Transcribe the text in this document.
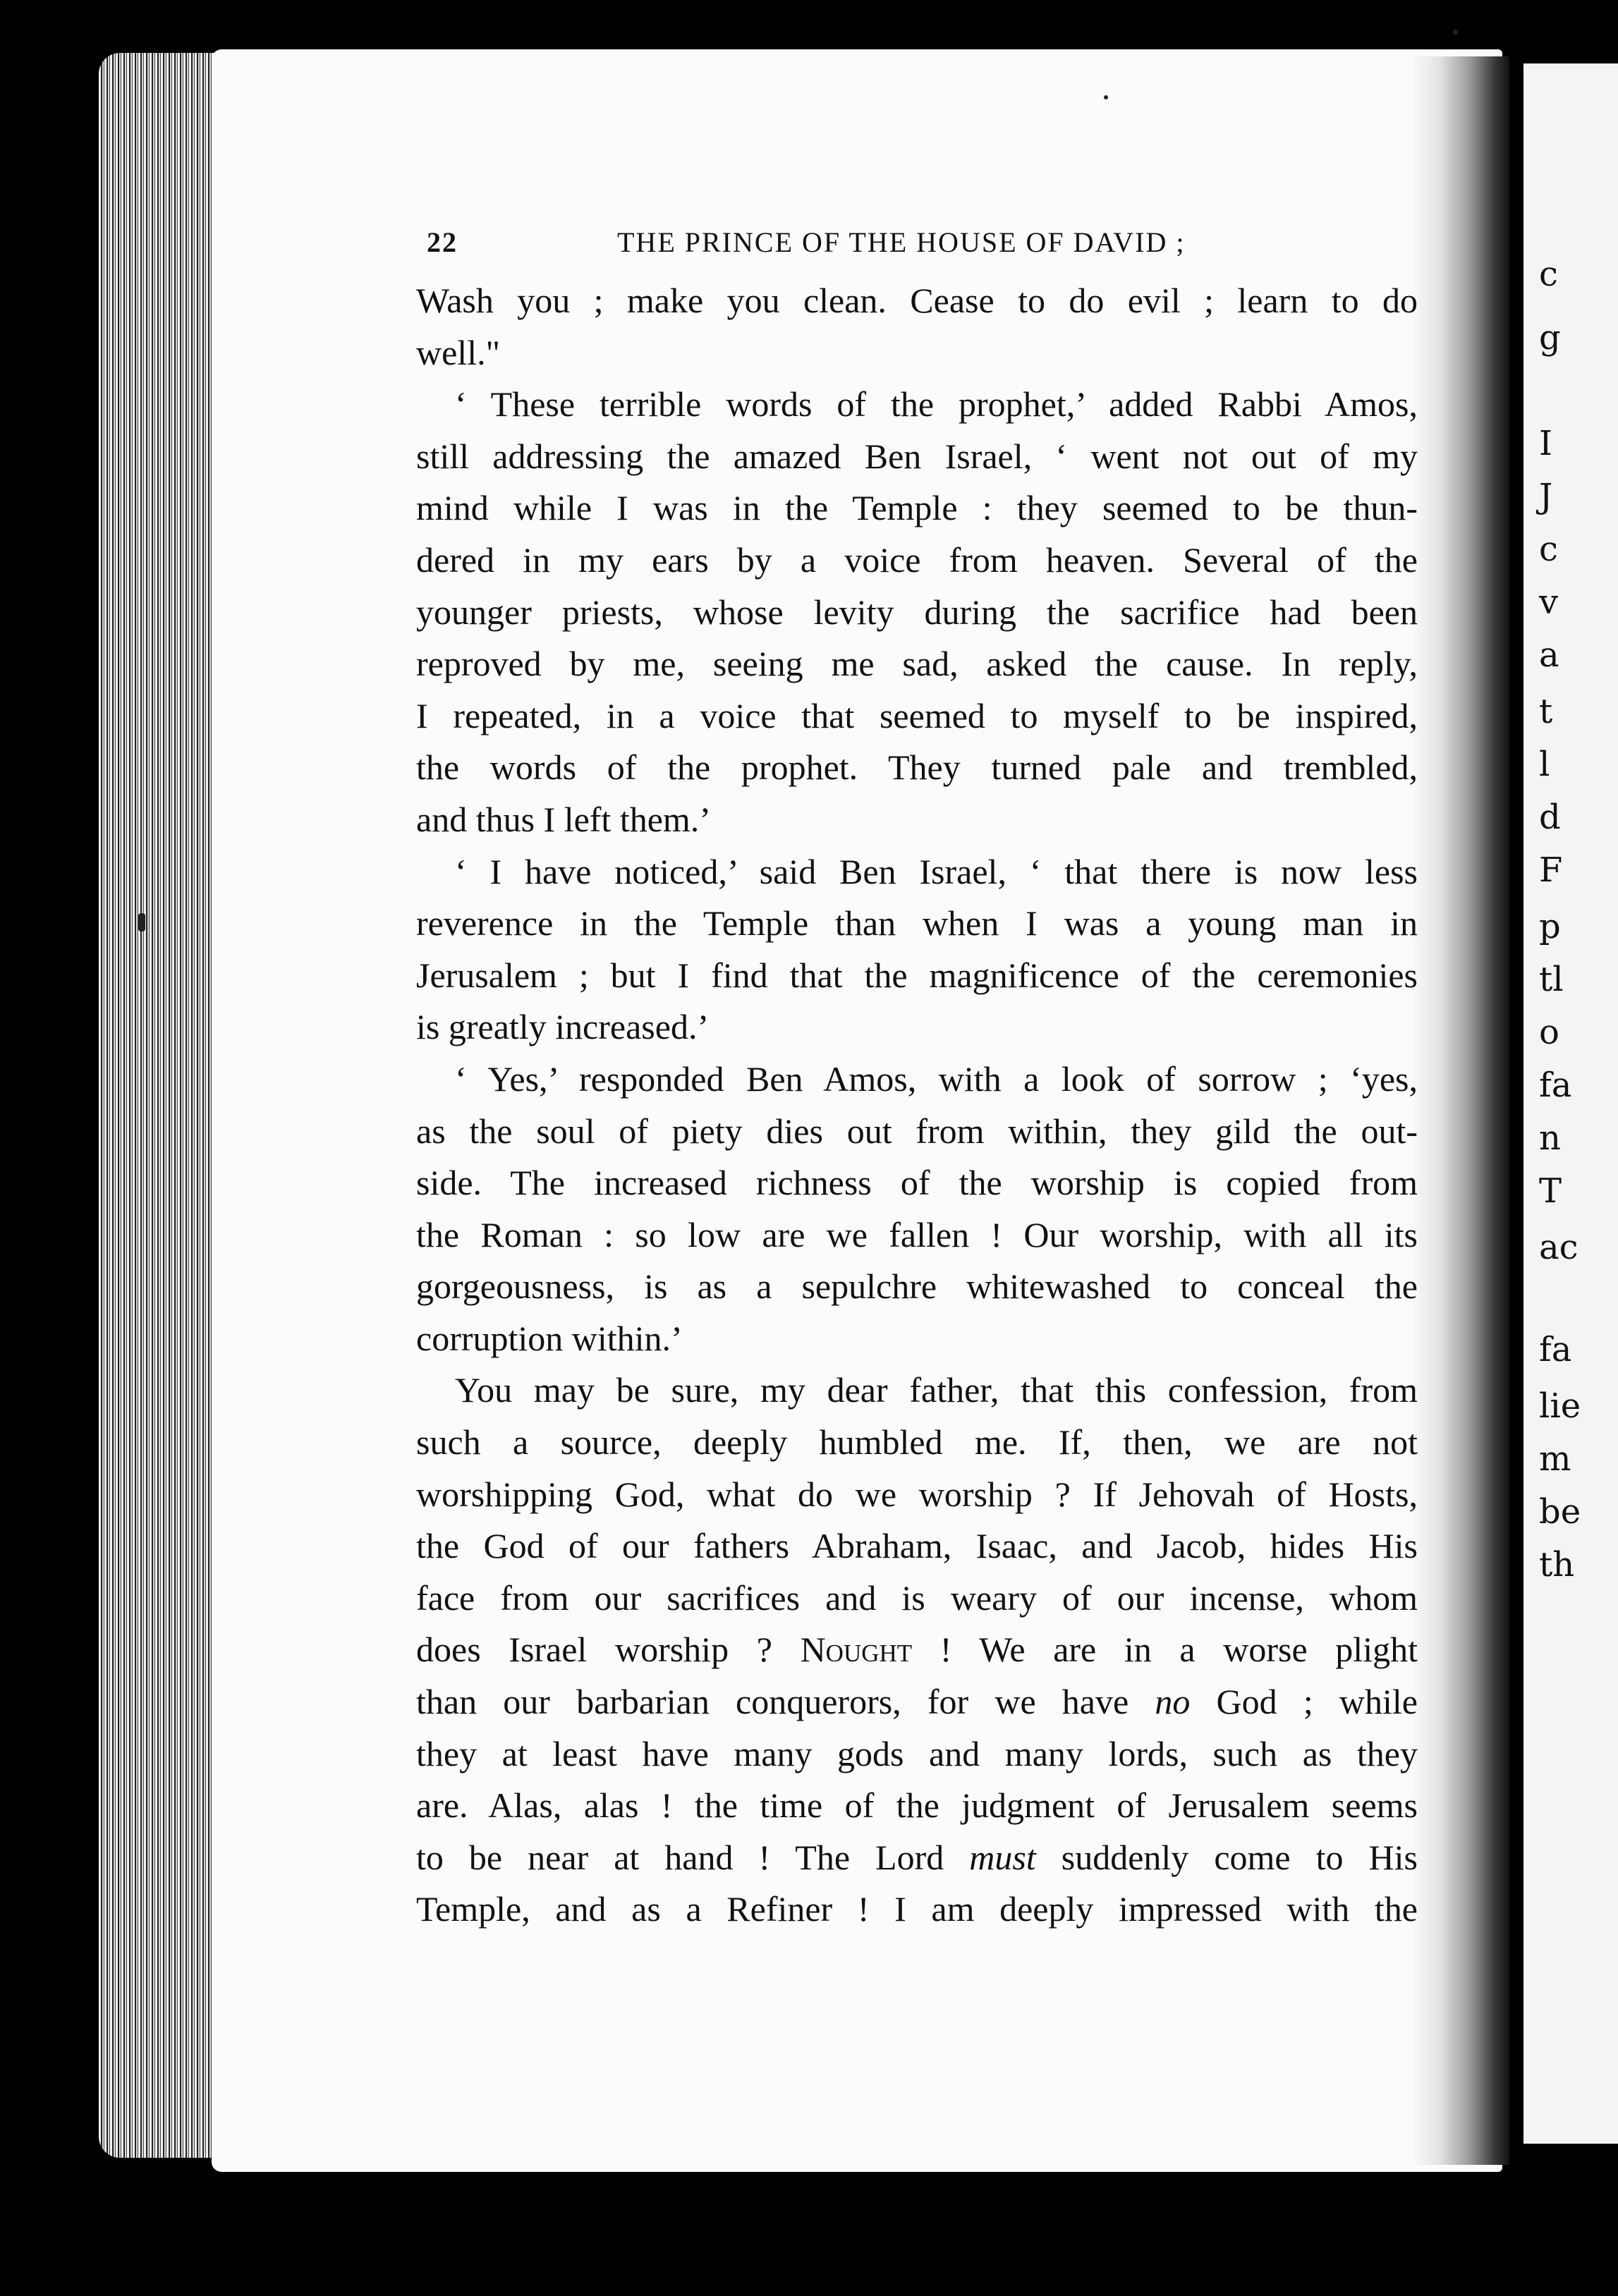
c
g
I
J
c
v
a
t
l
d
F
p
tl
o
fa
n
T
ac
fa
lie
m
be
th
22	THE PRINCE OF THE HOUSE OF DAVID ;
Wash you ; make you clean. Cease to do evil ; learn to do
well."
‘ These terrible words of the prophet,’ added Rabbi Amos,
still addressing the amazed Ben Israel, ‘ went not out of my
mind while I was in the Temple : they seemed to be thun-
dered in my ears by a voice from heaven. Several of the
younger priests, whose levity during the sacrifice had been
reproved by me, seeing me sad, asked the cause. In reply,
I repeated, in a voice that seemed to myself to be inspired,
the words of the prophet. They turned pale and trembled,
and thus I left them.’
‘ I have noticed,’ said Ben Israel, ‘ that there is now less
reverence in the Temple than when I was a young man in
Jerusalem ; but I find that the magnificence of the ceremonies
is greatly increased.’
‘ Yes,’ responded Ben Amos, with a look of sorrow ; ‘yes,
as the soul of piety dies out from within, they gild the out-
side. The increased richness of the worship is copied from
the Roman : so low are we fallen ! Our worship, with all its
gorgeousness, is as a sepulchre whitewashed to conceal the
corruption within.’
You may be sure, my dear father, that this confession, from
such a source, deeply humbled me. If, then, we are not
worshipping God, what do we worship ? If Jehovah of Hosts,
the God of our fathers Abraham, Isaac, and Jacob, hides His
face from our sacrifices and is weary of our incense, whom
does Israel worship ? Nought ! We are in a worse plight
than our barbarian conquerors, for we have no God ; while
they at least have many gods and many lords, such as they
are. Alas, alas ! the time of the judgment of Jerusalem seems
to be near at hand ! The Lord must suddenly come to His
Temple, and as a Refiner ! I am deeply impressed with the
